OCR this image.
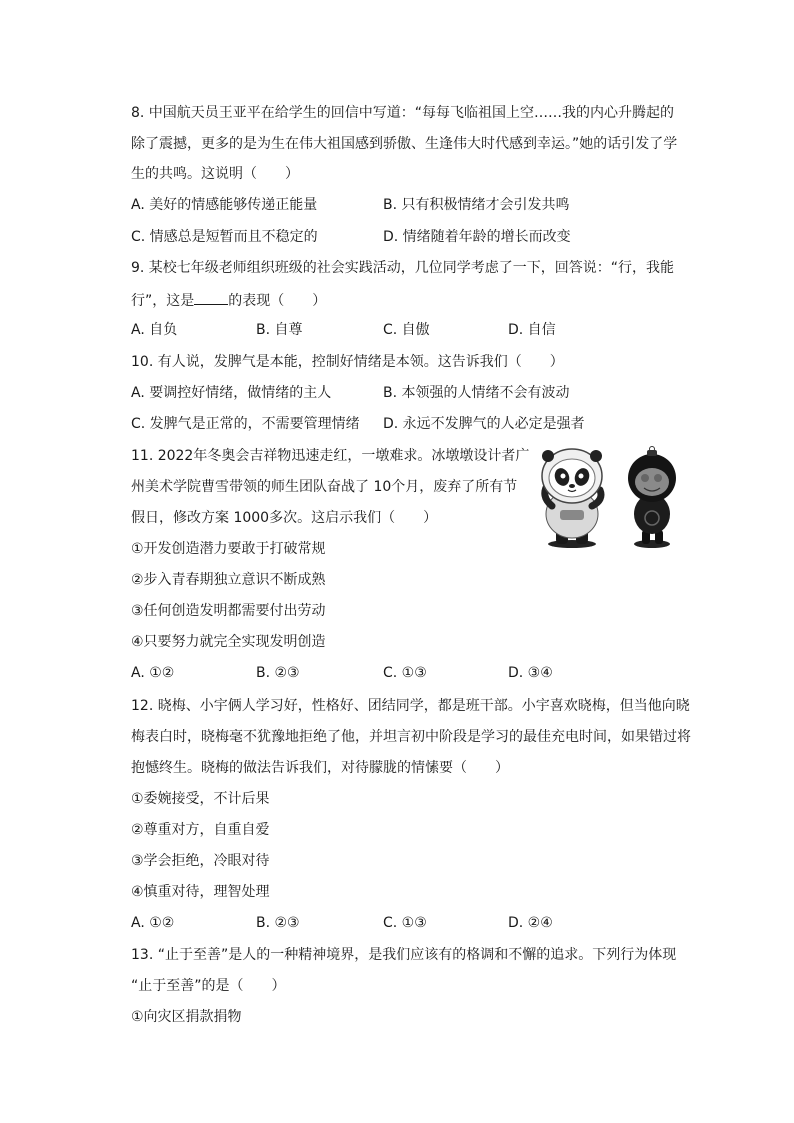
8. 中国航天员王亚平在给学生的回信中写道：“每每飞临祖国上空……我的内心升腾起的
除了震撼，更多的是为生在伟大祖国感到骄傲、生逢伟大时代感到幸运。”她的话引发了学
生的共鸣。这说明（　　）
A. 美好的情感能够传递正能量	B. 只有积极情绪才会引发共鸣
C. 情感总是短暂而且不稳定的	D. 情绪随着年龄的增长而改变
9. 某校七年级老师组织班级的社会实践活动，几位同学考虑了一下，回答说：“行，我能
行”，这是 的表现（　　）
A. 自负	B. 自尊	C. 自傲	D. 自信
10. 有人说，发脾气是本能，控制好情绪是本领。这告诉我们（　　）
A. 要调控好情绪，做情绪的主人	B. 本领强的人情绪不会有波动
C. 发脾气是正常的，不需要管理情绪 D. 永远不发脾气的人必定是强者
11. 2022年冬奥会吉祥物迅速走红，一墩难求。冰墩墩设计者广
州美术学院曹雪带领的师生团队奋战了 10个月，废弃了所有节
假日，修改方案 1000多次。这启示我们（　　）
①开发创造潜力要敢于打破常规
②步入青春期独立意识不断成熟
③任何创造发明都需要付出劳动
④只要努力就完全实现发明创造
A. ①②	B. ②③	C. ①③	D. ③④
12. 晓梅、小宇俩人学习好，性格好、团结同学，都是班干部。小宇喜欢晓梅，但当他向晓
梅表白时，晓梅毫不犹豫地拒绝了他，并坦言初中阶段是学习的最佳充电时间，如果错过将
抱憾终生。晓梅的做法告诉我们，对待朦胧的情愫要（　　）
①委婉接受，不计后果
②尊重对方，自重自爱
③学会拒绝，冷眼对待
④慎重对待，理智处理
A. ①②	B. ②③	C. ①③	D. ②④
13. “止于至善”是人的一种精神境界，是我们应该有的格调和不懈的追求。下列行为体现
“止于至善”的是（　　）
①向灾区捐款捐物
